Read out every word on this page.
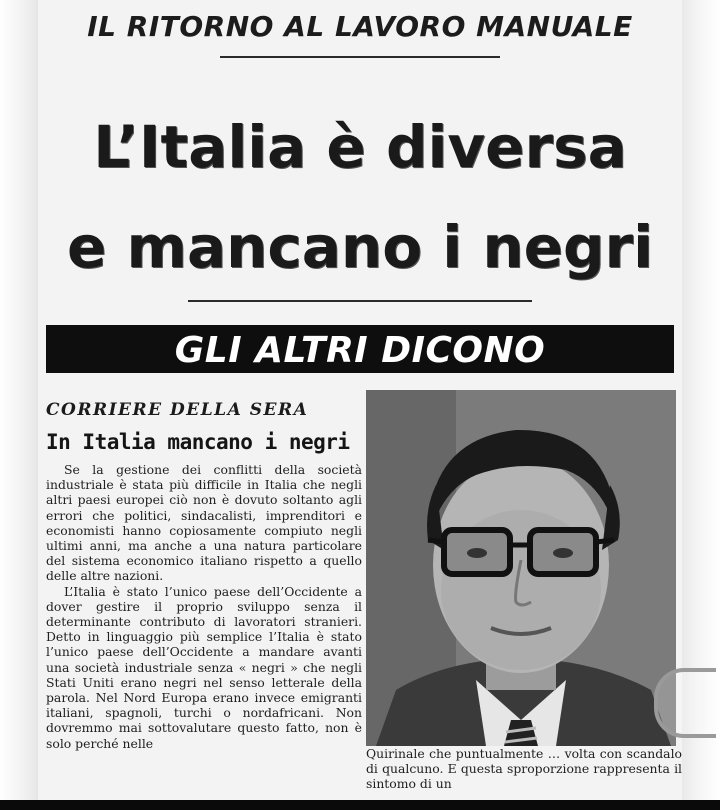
IL RITORNO AL LAVORO MANUALE
L’Italia è diversa
e mancano i negri
GLI ALTRI DICONO
CORRIERE DELLA SERA
In Italia mancano i negri

Se la gestione dei conflitti della società industriale è stata più difficile in Italia che negli altri paesi europei ciò non è dovuto soltanto agli errori che politici, sindacalisti, imprenditori e economisti hanno copiosamente compiuto negli ultimi anni, ma anche a una natura particolare del sistema economico italiano rispetto a quello delle altre nazioni.

L’Italia è stato l’unico paese dell’Occidente a dover gestire il proprio sviluppo senza il determinante contributo di lavoratori stranieri. Detto in linguaggio più semplice l’Italia è stato l’unico paese dell’Occidente a mandare avanti una società industriale senza « negri » che negli Stati Uniti erano negri nel senso letterale della parola. Nel Nord Europa erano invece emigranti italiani, spagnoli, turchi o nordafricani. Non dovremmo mai sottovalutare questo fatto, non è solo perché nelle

Quirinale che puntualmente … volta con scandalo di qualcuno. E questa sproporzione rappresenta il sintomo di un
